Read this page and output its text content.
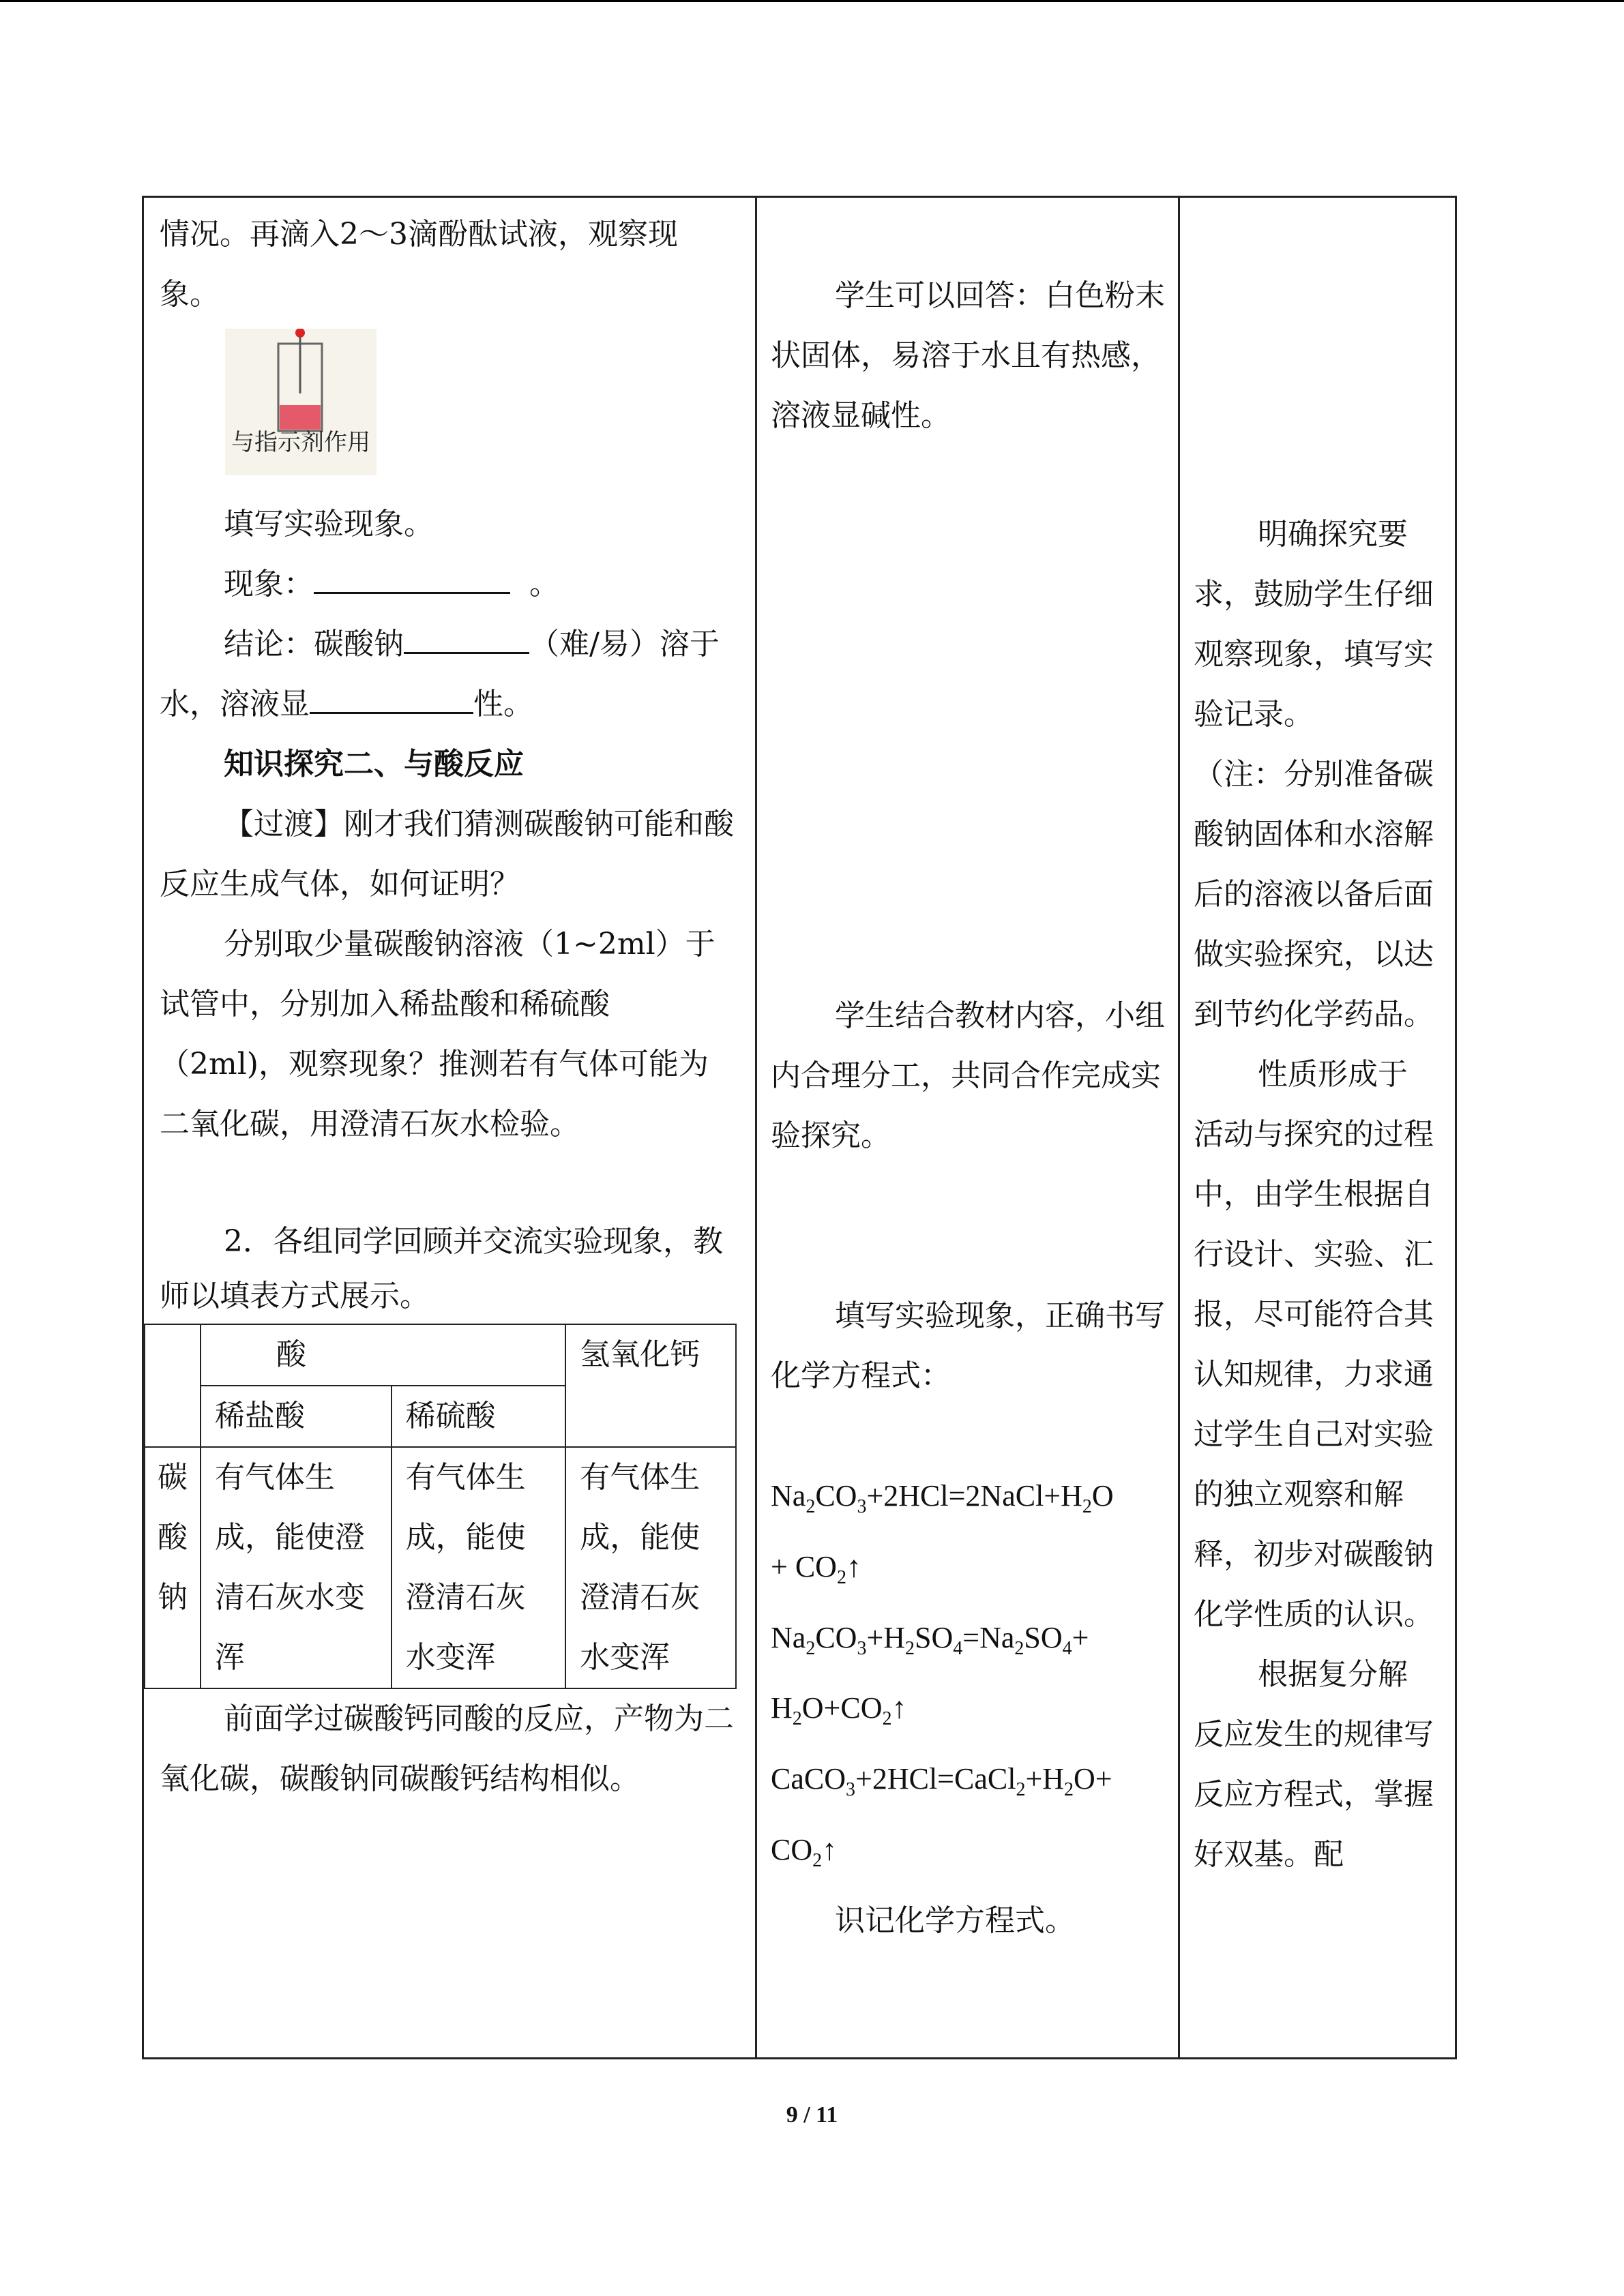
情况。再滴入2～3滴酚酞试液，观察现象。

与指示剂作用

填写实验现象。

现象：	。

结论：碳酸钠	（难/易）溶于水，溶液显	性。

知识探究二、与酸反应

【过渡】刚才我们猜测碳酸钠可能和酸反应生成气体，如何证明？

分别取少量碳酸钠溶液（1~2ml）于试管中，分别加入稀盐酸和稀硫酸（2ml)，观察现象？推测若有气体可能为二氧化碳，用澄清石灰水检验。

2．各组同学回顾并交流实验现象，教师以填表方式展示。

	酸		氢氧化钙
	稀盐酸	稀硫酸	
碳酸钠	有气体生成，能使澄清石灰水变浑	有气体生成，能使澄清石灰水变浑	有气体生成，能使澄清石灰水变浑

前面学过碳酸钙同酸的反应，产物为二氧化碳，碳酸钠同碳酸钙结构相似。

学生可以回答：白色粉末状固体，易溶于水且有热感，溶液显碱性。

学生结合教材内容，小组内合理分工，共同合作完成实验探究。

填写实验现象，正确书写化学方程式：

$Na_2CO_3+2HCl=2NaCl+H_2O$

+ $CO_2↑$

$Na_2CO_3+H_2SO_4=Na_2SO_4+$

$H_2O+CO_2↑$

$CaCO_3+2HCl=CaCl_2+H_2O+$

$CO_2↑$

识记化学方程式。

明确探究要求，鼓励学生仔细观察现象，填写实验记录。

（注：分别准备碳酸钠固体和水溶解后的溶液以备后面做实验探究，以达到节约化学药品。

性质形成于活动与探究的过程中，由学生根据自行设计、实验、汇报，尽可能符合其认知规律，力求通过学生自己对实验的独立观察和解释，初步对碳酸钠化学性质的认识。

根据复分解反应发生的规律写反应方程式，掌握好双基。配

9 / 11
